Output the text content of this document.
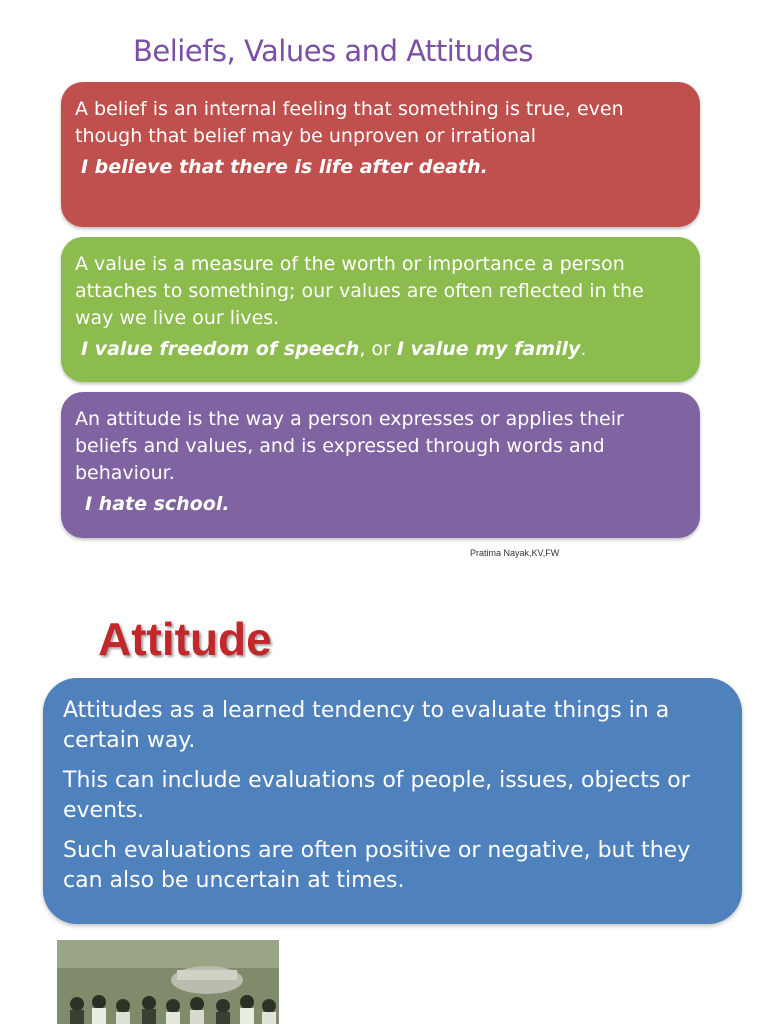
Beliefs, Values and Attitudes
A belief is an internal feeling that something is true, even though that belief may be unproven or irrational
I believe that there is life after death.
A value is a measure of the worth or importance a person attaches to something; our values are often reflected in the way we live our lives.
I value freedom of speech, or I value my family.
An attitude is the way a person expresses or applies their beliefs and values, and is expressed through words and behaviour.
I hate school.
Pratima Nayak,KV,FW
Attitude

Attitudes as a learned tendency to evaluate things in a certain way.

This can include evaluations of people, issues, objects or events.

Such evaluations are often positive or negative, but they can also be uncertain at times.
